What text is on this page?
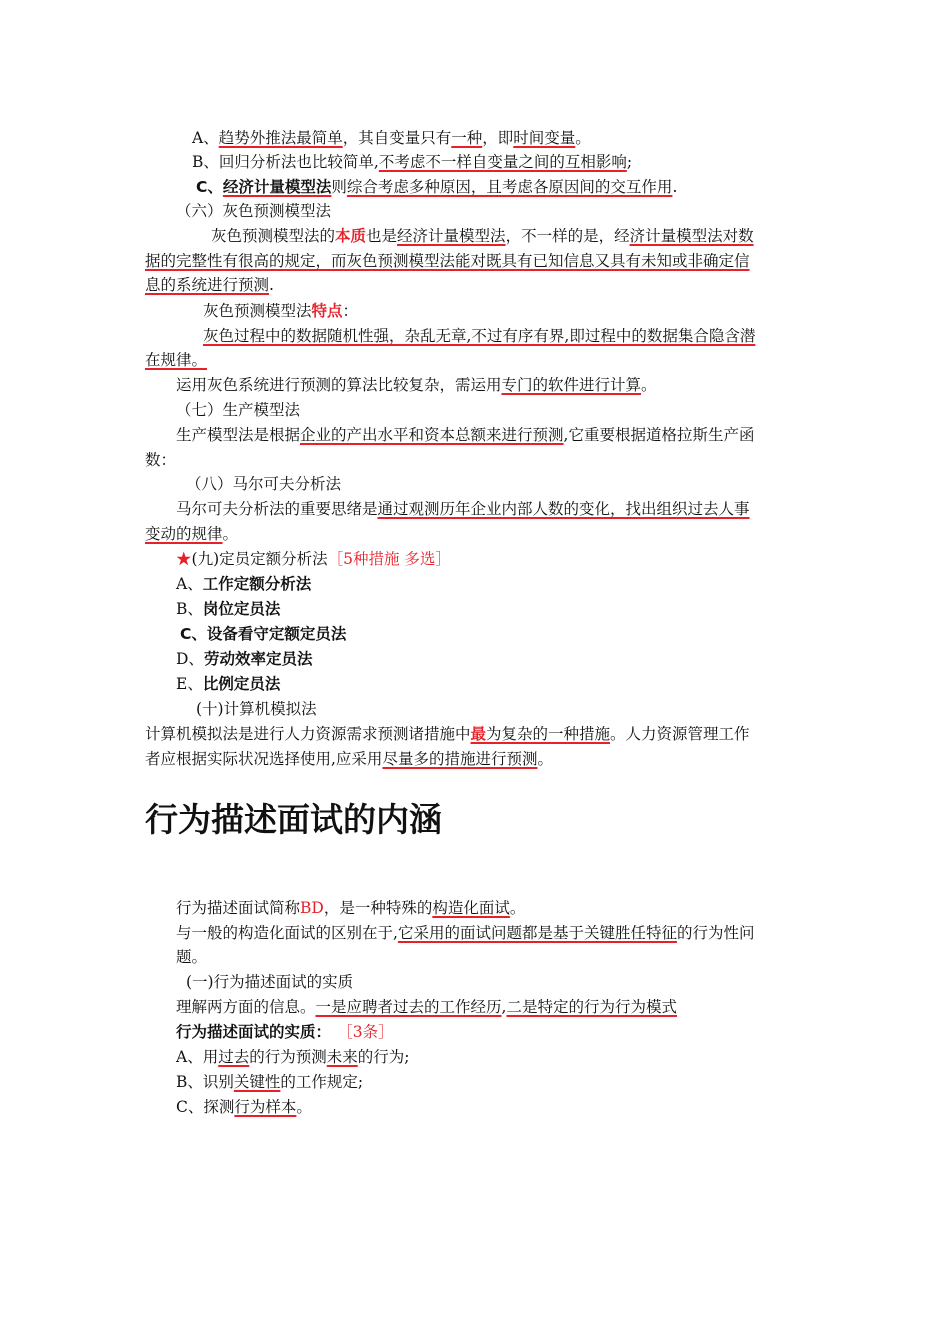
A、趋势外推法最简单，其自变量只有一种，即时间变量。
B、回归分析法也比较简单,不考虑不一样自变量之间的互相影响;
C、经济计量模型法则综合考虑多种原因，且考虑各原因间的交互作用.
（六）灰色预测模型法
灰色预测模型法的本质也是经济计量模型法，不一样的是，经济计量模型法对数
据的完整性有很高的规定，而灰色预测模型法能对既具有已知信息又具有未知或非确定信
息的系统进行预测.
灰色预测模型法特点：
灰色过程中的数据随机性强，杂乱无章,不过有序有界,即过程中的数据集合隐含潜
在规律。
运用灰色系统进行预测的算法比较复杂，需运用专门的软件进行计算。
（七）生产模型法
生产模型法是根据企业的产出水平和资本总额来进行预测,它重要根据道格拉斯生产函
数：
（八）马尔可夫分析法
马尔可夫分析法的重要思绪是通过观测历年企业内部人数的变化，找出组织过去人事
变动的规律。
★(九)定员定额分析法［5种措施 多选］
A、工作定额分析法
B、岗位定员法
C、设备看守定额定员法
D、劳动效率定员法
E、比例定员法
(十)计算机模拟法
计算机模拟法是进行人力资源需求预测诸措施中最为复杂的一种措施。人力资源管理工作
者应根据实际状况选择使用,应采用尽量多的措施进行预测。
行为描述面试的内涵
行为描述面试简称BD，是一种特殊的构造化面试。
与一般的构造化面试的区别在于,它采用的面试问题都是基于关键胜任特征的行为性问
题。
(一)行为描述面试的实质
理解两方面的信息。一是应聘者过去的工作经历,二是特定的行为行为模式
行为描述面试的实质： ［3条］
A、用过去的行为预测未来的行为;
B、识别关键性的工作规定;
C、探测行为样本。
